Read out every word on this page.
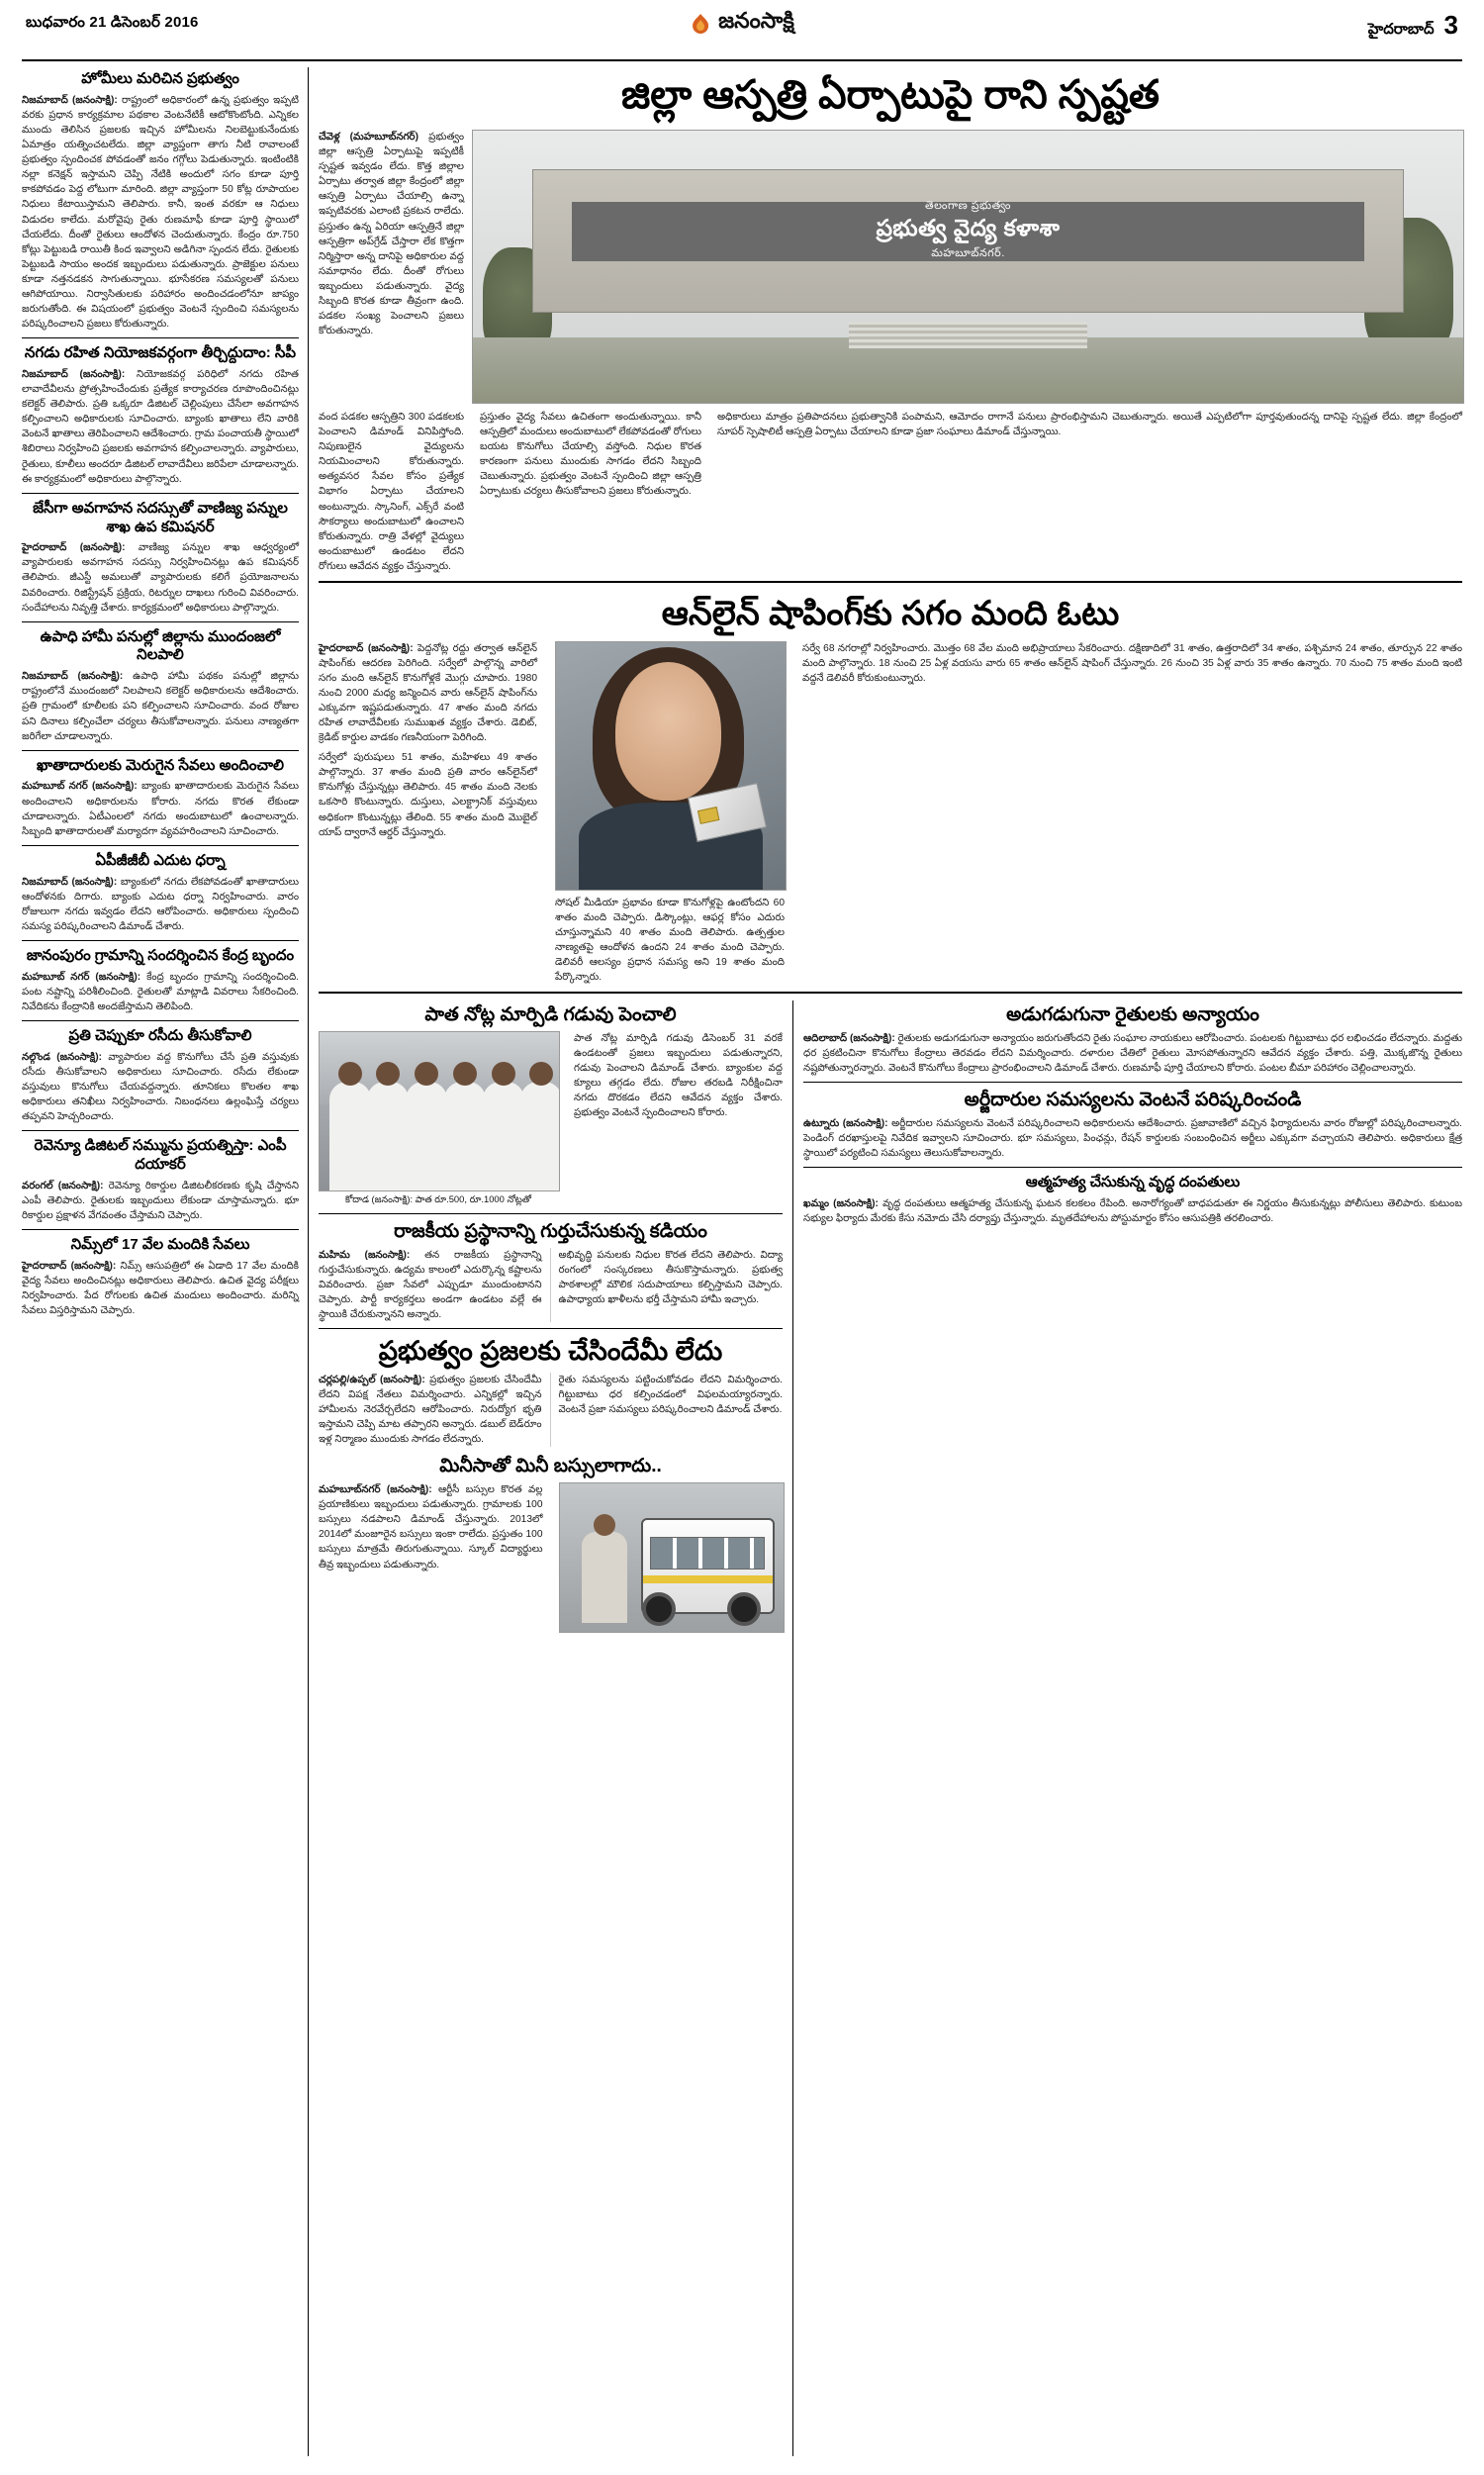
బుధవారం 21 డిసెంబర్ 2016	జనంసాక్షి	హైదరాబాద్ 3
హోమీలు మరిచిన ప్రభుత్వం
నిజమాబాద్ (జనంసాక్షి): రాష్ట్రంలో అధికారంలో ఉన్న ప్రభుత్వం ఇప్పటి వరకు ప్రధాన కార్యక్రమాల పథకాల వెంటనేటికీ ఆటోకొంటోంది. ఎన్నికల ముందు తెలిసిన ప్రజలకు ఇచ్చిన హోమీలను నిలబెట్టుకునేందుకు ఏమాత్రం యత్నించటలేదు. జిల్లా వ్యాప్తంగా తాగు నీటి రావాలంటే ప్రభుత్వం స్పందించక పోవడంతో జనం గగ్గోలు పెడుతున్నారు. ఇంటింటికి నల్లా కనెక్షన్ ఇస్తామని చెప్పి నేటికి అందులో సగం కూడా పూర్తి కాకపోవడం పెద్ద లోటుగా మారింది. జిల్లా వ్యాప్తంగా 50 కోట్ల రూపాయల నిధులు కేటాయిస్తామని తెలిపారు. కానీ, ఇంత వరకూ ఆ నిధులు విడుదల కాలేదు. మరోవైపు రైతు రుణమాఫీ కూడా పూర్తి స్థాయిలో చేయలేదు. దీంతో రైతులు ఆందోళన చెందుతున్నారు. కేంద్రం రూ.750 కోట్లు పెట్టుబడి రాయితీ కింద ఇవ్వాలని అడిగినా స్పందన లేదు. రైతులకు పెట్టుబడి సాయం అందక ఇబ్బందులు పడుతున్నారు. ప్రాజెక్టుల పనులు కూడా నత్తనడకన సాగుతున్నాయి. భూసేకరణ సమస్యలతో పనులు ఆగిపోయాయి. నిర్వాసితులకు పరిహారం అందించడంలోనూ జాప్యం జరుగుతోంది. ఈ విషయంలో ప్రభుత్వం వెంటనే స్పందించి సమస్యలను పరిష్కరించాలని ప్రజలు కోరుతున్నారు.
నగడు రహిత నియోజకవర్గంగా తీర్చిద్దుదాం: సీపీ
నిజమాబాద్ (జనంసాక్షి): నియోజకవర్గ పరిధిలో నగదు రహిత లావాదేవీలను ప్రోత్సహించేందుకు ప్రత్యేక కార్యాచరణ రూపొందించినట్లు కలెక్టర్ తెలిపారు. ప్రతి ఒక్కరూ డిజిటల్ చెల్లింపులు చేసేలా అవగాహన కల్పించాలని అధికారులకు సూచించారు. బ్యాంకు ఖాతాలు లేని వారికి వెంటనే ఖాతాలు తెరిపించాలని ఆదేశించారు. గ్రామ పంచాయతీ స్థాయిలో శిబిరాలు నిర్వహించి ప్రజలకు అవగాహన కల్పించాలన్నారు. వ్యాపారులు, రైతులు, కూలీలు అందరూ డిజిటల్ లావాదేవీలు జరిపేలా చూడాలన్నారు. ఈ కార్యక్రమంలో అధికారులు పాల్గొన్నారు.
జేసీగా అవగాహన సదస్సుతో వాణిజ్య పన్నుల శాఖ ఉప కమిషనర్
హైదరాబాద్ (జనంసాక్షి): వాణిజ్య పన్నుల శాఖ ఆధ్వర్యంలో వ్యాపారులకు అవగాహన సదస్సు నిర్వహించినట్లు ఉప కమిషనర్ తెలిపారు. జీఎస్టీ అమలుతో వ్యాపారులకు కలిగే ప్రయోజనాలను వివరించారు. రిజిస్ట్రేషన్ ప్రక్రియ, రిటర్నుల దాఖలు గురించి వివరించారు. సందేహాలను నివృత్తి చేశారు. కార్యక్రమంలో అధికారులు పాల్గొన్నారు.
ఉపాధి హామీ పనుల్లో జిల్లాను ముందంజలో నిలపాలి
నిజమాబాద్ (జనంసాక్షి): ఉపాధి హామీ పథకం పనుల్లో జిల్లాను రాష్ట్రంలోనే ముందంజలో నిలపాలని కలెక్టర్ అధికారులను ఆదేశించారు. ప్రతి గ్రామంలో కూలీలకు పని కల్పించాలని సూచించారు. వంద రోజుల పని దినాలు కల్పించేలా చర్యలు తీసుకోవాలన్నారు. పనులు నాణ్యతగా జరిగేలా చూడాలన్నారు.
ఖాతాదారులకు మెరుగైన సేవలు అందించాలి
మహబూబ్ నగర్ (జనంసాక్షి): బ్యాంకు ఖాతాదారులకు మెరుగైన సేవలు అందించాలని అధికారులను కోరారు. నగదు కొరత లేకుండా చూడాలన్నారు. ఏటీఎంలలో నగదు అందుబాటులో ఉంచాలన్నారు. సిబ్బంది ఖాతాదారులతో మర్యాదగా వ్యవహరించాలని సూచించారు.
ఏపీజీజీబీ ఎదుట ధర్నా
నిజమాబాద్ (జనంసాక్షి): బ్యాంకులో నగదు లేకపోవడంతో ఖాతాదారులు ఆందోళనకు దిగారు. బ్యాంకు ఎదుట ధర్నా నిర్వహించారు. వారం రోజులుగా నగదు ఇవ్వడం లేదని ఆరోపించారు. అధికారులు స్పందించి సమస్య పరిష్కరించాలని డిమాండ్ చేశారు.
జానంపురం గ్రామాన్ని సందర్శించిన కేంద్ర బృందం
మహబూబ్ నగర్ (జనంసాక్షి): కేంద్ర బృందం గ్రామాన్ని సందర్శించింది. పంట నష్టాన్ని పరిశీలించింది. రైతులతో మాట్లాడి వివరాలు సేకరించింది. నివేదికను కేంద్రానికి అందజేస్తామని తెలిపింది.
ప్రతి చెప్పుకూ రసీదు తీసుకోవాలి
నల్గొండ (జనంసాక్షి): వ్యాపారుల వద్ద కొనుగోలు చేసే ప్రతి వస్తువుకు రసీదు తీసుకోవాలని అధికారులు సూచించారు. రసీదు లేకుండా వస్తువులు కొనుగోలు చేయవద్దన్నారు. తూనికలు కొలతల శాఖ అధికారులు తనిఖీలు నిర్వహించారు. నిబంధనలు ఉల్లంఘిస్తే చర్యలు తప్పవని హెచ్చరించారు.
రెవెన్యూ డిజిటల్ సమ్మును ప్రయత్నిస్తా: ఎంపీ దయాకర్
వరంగల్ (జనంసాక్షి): రెవెన్యూ రికార్డుల డిజిటలీకరణకు కృషి చేస్తానని ఎంపీ తెలిపారు. రైతులకు ఇబ్బందులు లేకుండా చూస్తామన్నారు. భూ రికార్డుల ప్రక్షాళన వేగవంతం చేస్తామని చెప్పారు.
నిమ్స్‌లో 17 వేల మందికి సేవలు
హైదరాబాద్ (జనంసాక్షి): నిమ్స్ ఆసుపత్రిలో ఈ ఏడాది 17 వేల మందికి వైద్య సేవలు అందించినట్లు అధికారులు తెలిపారు. ఉచిత వైద్య పరీక్షలు నిర్వహించారు. పేద రోగులకు ఉచిత మందులు అందించారు. మరిన్ని సేవలు విస్తరిస్తామని చెప్పారు.
జిల్లా ఆస్పత్రి ఏర్పాటుపై రాని స్పష్టత
చేవెళ్ల (మహబూబ్‌నగర్) ప్రభుత్వం జిల్లా ఆస్పత్రి ఏర్పాటుపై ఇప్పటికీ స్పష్టత ఇవ్వడం లేదు. కొత్త జిల్లాల ఏర్పాటు తర్వాత జిల్లా కేంద్రంలో జిల్లా ఆస్పత్రి ఏర్పాటు చేయాల్సి ఉన్నా ఇప్పటివరకు ఎలాంటి ప్రకటన రాలేదు. ప్రస్తుతం ఉన్న ఏరియా ఆస్పత్రినే జిల్లా ఆస్పత్రిగా అప్‌గ్రేడ్ చేస్తారా లేక కొత్తగా నిర్మిస్తారా అన్న దానిపై అధికారుల వద్ద సమాధానం లేదు. దీంతో రోగులు ఇబ్బందులు పడుతున్నారు. వైద్య సిబ్బంది కొరత కూడా తీవ్రంగా ఉంది. పడకల సంఖ్య పెంచాలని ప్రజలు కోరుతున్నారు.
తెలంగాణ ప్రభుత్వం
ప్రభుత్వ వైద్య కళాశా
మహబూబ్‌నగర్.
వంద పడకల ఆస్పత్రిని 300 పడకలకు పెంచాలని డిమాండ్ వినిపిస్తోంది. నిపుణులైన వైద్యులను నియమించాలని కోరుతున్నారు. అత్యవసర సేవల కోసం ప్రత్యేక విభాగం ఏర్పాటు చేయాలని అంటున్నారు. స్కానింగ్, ఎక్స్‌రే వంటి సౌకర్యాలు అందుబాటులో ఉంచాలని కోరుతున్నారు. రాత్రి వేళల్లో వైద్యులు అందుబాటులో ఉండటం లేదని రోగులు ఆవేదన వ్యక్తం చేస్తున్నారు.
ప్రస్తుతం వైద్య సేవలు ఉచితంగా అందుతున్నాయి. కానీ ఆస్పత్రిలో మందులు అందుబాటులో లేకపోవడంతో రోగులు బయట కొనుగోలు చేయాల్సి వస్తోంది. నిధుల కొరత కారణంగా పనులు ముందుకు సాగడం లేదని సిబ్బంది చెబుతున్నారు. ప్రభుత్వం వెంటనే స్పందించి జిల్లా ఆస్పత్రి ఏర్పాటుకు చర్యలు తీసుకోవాలని ప్రజలు కోరుతున్నారు.
అధికారులు మాత్రం ప్రతిపాదనలు ప్రభుత్వానికి పంపామని, ఆమోదం రాగానే పనులు ప్రారంభిస్తామని చెబుతున్నారు. అయితే ఎప్పటిలోగా పూర్తవుతుందన్న దానిపై స్పష్టత లేదు. జిల్లా కేంద్రంలో సూపర్ స్పెషాలిటీ ఆస్పత్రి ఏర్పాటు చేయాలని కూడా ప్రజా సంఘాలు డిమాండ్ చేస్తున్నాయి.
ఆన్‌లైన్ షాపింగ్‌కు సగం మంది ఓటు
హైదరాబాద్ (జనంసాక్షి): పెద్దనోట్ల రద్దు తర్వాత ఆన్‌లైన్ షాపింగ్‌కు ఆదరణ పెరిగింది. సర్వేలో పాల్గొన్న వారిలో సగం మంది ఆన్‌లైన్ కొనుగోళ్లకే మొగ్గు చూపారు. 1980 నుంచి 2000 మధ్య జన్మించిన వారు ఆన్‌లైన్ షాపింగ్‌ను ఎక్కువగా ఇష్టపడుతున్నారు. 47 శాతం మంది నగదు రహిత లావాదేవీలకు సుముఖత వ్యక్తం చేశారు. డెబిట్, క్రెడిట్ కార్డుల వాడకం గణనీయంగా పెరిగింది.
సర్వేలో పురుషులు 51 శాతం, మహిళలు 49 శాతం పాల్గొన్నారు. 37 శాతం మంది ప్రతి వారం ఆన్‌లైన్‌లో కొనుగోళ్లు చేస్తున్నట్లు తెలిపారు. 45 శాతం మంది నెలకు ఒకసారి కొంటున్నారు. దుస్తులు, ఎలక్ట్రానిక్ వస్తువులు అధికంగా కొంటున్నట్లు తేలింది. 55 శాతం మంది మొబైల్ యాప్ ద్వారానే ఆర్డర్ చేస్తున్నారు.
సోషల్ మీడియా ప్రభావం కూడా కొనుగోళ్లపై ఉంటోందని 60 శాతం మంది చెప్పారు. డిస్కౌంట్లు, ఆఫర్ల కోసం ఎదురు చూస్తున్నామని 40 శాతం మంది తెలిపారు. ఉత్పత్తుల నాణ్యతపై ఆందోళన ఉందని 24 శాతం మంది చెప్పారు. డెలివరీ ఆలస్యం ప్రధాన సమస్య అని 19 శాతం మంది పేర్కొన్నారు.
సర్వే 68 నగరాల్లో నిర్వహించారు. మొత్తం 68 వేల మంది అభిప్రాయాలు సేకరించారు. దక్షిణాదిలో 31 శాతం, ఉత్తరాదిలో 34 శాతం, పశ్చిమాన 24 శాతం, తూర్పున 22 శాతం మంది పాల్గొన్నారు. 18 నుంచి 25 ఏళ్ల వయసు వారు 65 శాతం ఆన్‌లైన్ షాపింగ్ చేస్తున్నారు. 26 నుంచి 35 ఏళ్ల వారు 35 శాతం ఉన్నారు. 70 నుంచి 75 శాతం మంది ఇంటి వద్దనే డెలివరీ కోరుకుంటున్నారు.
పాత నోట్ల మార్పిడి గడువు పెంచాలి
కోదాడ (జనంసాక్షి): పాత రూ.500, రూ.1000 నోట్లతో
పాత నోట్ల మార్పిడి గడువు డిసెంబర్ 31 వరకే ఉండటంతో ప్రజలు ఇబ్బందులు పడుతున్నారని, గడువు పెంచాలని డిమాండ్ చేశారు. బ్యాంకుల వద్ద క్యూలు తగ్గడం లేదు. రోజుల తరబడి నిరీక్షించినా నగదు దొరకడం లేదని ఆవేదన వ్యక్తం చేశారు. ప్రభుత్వం వెంటనే స్పందించాలని కోరారు.
రాజకీయ ప్రస్థానాన్ని గుర్తుచేసుకున్న కడియం
మహిమ (జనంసాక్షి): తన రాజకీయ ప్రస్థానాన్ని గుర్తుచేసుకున్నారు. ఉద్యమ కాలంలో ఎదుర్కొన్న కష్టాలను వివరించారు. ప్రజా సేవలో ఎప్పుడూ ముందుంటానని చెప్పారు. పార్టీ కార్యకర్తలు అండగా ఉండటం వల్లే ఈ స్థాయికి చేరుకున్నానని అన్నారు.
అభివృద్ధి పనులకు నిధుల కొరత లేదని తెలిపారు. విద్యా రంగంలో సంస్కరణలు తీసుకొస్తామన్నారు. ప్రభుత్వ పాఠశాలల్లో మౌలిక సదుపాయాలు కల్పిస్తామని చెప్పారు. ఉపాధ్యాయ ఖాళీలను భర్తీ చేస్తామని హామీ ఇచ్చారు.
ప్రభుత్వం ప్రజలకు చేసిందేమీ లేదు
చర్లపల్లి/ఉప్పల్ (జనంసాక్షి): ప్రభుత్వం ప్రజలకు చేసిందేమీ లేదని విపక్ష నేతలు విమర్శించారు. ఎన్నికల్లో ఇచ్చిన హామీలను నెరవేర్చలేదని ఆరోపించారు. నిరుద్యోగ భృతి ఇస్తామని చెప్పి మాట తప్పారని అన్నారు. డబుల్ బెడ్‌రూం ఇళ్ల నిర్మాణం ముందుకు సాగడం లేదన్నారు.
రైతు సమస్యలను పట్టించుకోవడం లేదని విమర్శించారు. గిట్టుబాటు ధర కల్పించడంలో విఫలమయ్యారన్నారు. వెంటనే ప్రజా సమస్యలు పరిష్కరించాలని డిమాండ్ చేశారు.
మినీసాతో మినీ బస్సులాగాదు..
మహబూబ్‌నగర్ (జనంసాక్షి): ఆర్టీసీ బస్సుల కొరత వల్ల ప్రయాణికులు ఇబ్బందులు పడుతున్నారు. గ్రామాలకు 100 బస్సులు నడపాలని డిమాండ్ చేస్తున్నారు. 2013లో 2014లో మంజూరైన బస్సులు ఇంకా రాలేదు. ప్రస్తుతం 100 బస్సులు మాత్రమే తిరుగుతున్నాయి. స్కూల్ విద్యార్థులు తీవ్ర ఇబ్బందులు పడుతున్నారు.
అడుగడుగునా రైతులకు అన్యాయం
ఆదిలాబాద్ (జనంసాక్షి): రైతులకు అడుగడుగునా అన్యాయం జరుగుతోందని రైతు సంఘాల నాయకులు ఆరోపించారు. పంటలకు గిట్టుబాటు ధర లభించడం లేదన్నారు. మద్దతు ధర ప్రకటించినా కొనుగోలు కేంద్రాలు తెరవడం లేదని విమర్శించారు. దళారుల చేతిలో రైతులు మోసపోతున్నారని ఆవేదన వ్యక్తం చేశారు. పత్తి, మొక్కజొన్న రైతులు నష్టపోతున్నారన్నారు. వెంటనే కొనుగోలు కేంద్రాలు ప్రారంభించాలని డిమాండ్ చేశారు. రుణమాఫీ పూర్తి చేయాలని కోరారు. పంటల బీమా పరిహారం చెల్లించాలన్నారు.
అర్జీదారుల సమస్యలను వెంటనే పరిష్కరించండి
ఉట్నూరు (జనంసాక్షి): అర్జీదారుల సమస్యలను వెంటనే పరిష్కరించాలని అధికారులను ఆదేశించారు. ప్రజావాణిలో వచ్చిన ఫిర్యాదులను వారం రోజుల్లో పరిష్కరించాలన్నారు. పెండింగ్ దరఖాస్తులపై నివేదిక ఇవ్వాలని సూచించారు. భూ సమస్యలు, పింఛన్లు, రేషన్ కార్డులకు సంబంధించిన అర్జీలు ఎక్కువగా వచ్చాయని తెలిపారు. అధికారులు క్షేత్ర స్థాయిలో పర్యటించి సమస్యలు తెలుసుకోవాలన్నారు.
ఆత్మహత్య చేసుకున్న వృద్ధ దంపతులు
ఖమ్మం (జనంసాక్షి): వృద్ధ దంపతులు ఆత్మహత్య చేసుకున్న ఘటన కలకలం రేపింది. అనారోగ్యంతో బాధపడుతూ ఈ నిర్ణయం తీసుకున్నట్లు పోలీసులు తెలిపారు. కుటుంబ సభ్యుల ఫిర్యాదు మేరకు కేసు నమోదు చేసి దర్యాప్తు చేస్తున్నారు. మృతదేహాలను పోస్టుమార్టం కోసం ఆసుపత్రికి తరలించారు.
